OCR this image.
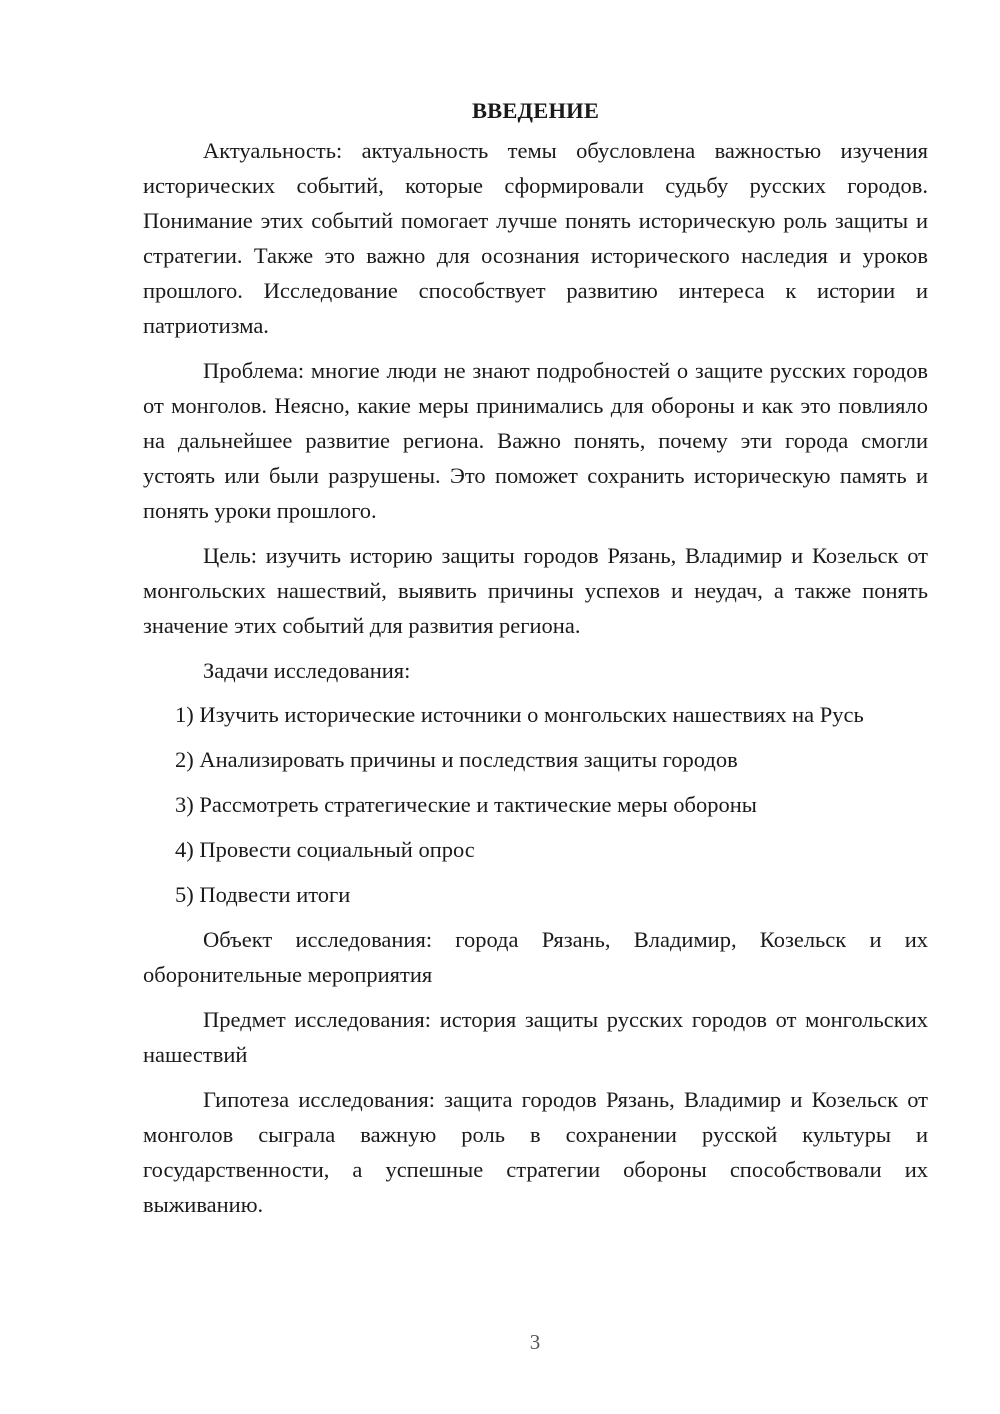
ВВЕДЕНИЕ

Актуальность: актуальность темы обусловлена важностью изучения исторических событий, которые сформировали судьбу русских городов. Понимание этих событий помогает лучше понять историческую роль защиты и стратегии. Также это важно для осознания исторического наследия и уроков прошлого. Исследование способствует развитию интереса к истории и патриотизма.

Проблема: многие люди не знают подробностей о защите русских городов от монголов. Неясно, какие меры принимались для обороны и как это повлияло на дальнейшее развитие региона. Важно понять, почему эти города смогли устоять или были разрушены. Это поможет сохранить историческую память и понять уроки прошлого.

Цель: изучить историю защиты городов Рязань, Владимир и Козельск от монгольских нашествий, выявить причины успехов и неудач, а также понять значение этих событий для развития региона.

Задачи исследования:

1) Изучить исторические источники о монгольских нашествиях на Русь

2) Анализировать причины и последствия защиты городов

3) Рассмотреть стратегические и тактические меры обороны

4) Провести социальный опрос

5) Подвести итоги

Объект исследования: города Рязань, Владимир, Козельск и их оборонительные мероприятия

Предмет исследования: история защиты русских городов от монгольских нашествий

Гипотеза исследования: защита городов Рязань, Владимир и Козельск от монголов сыграла важную роль в сохранении русской культуры и государственности, а успешные стратегии обороны способствовали их выживанию.

3
